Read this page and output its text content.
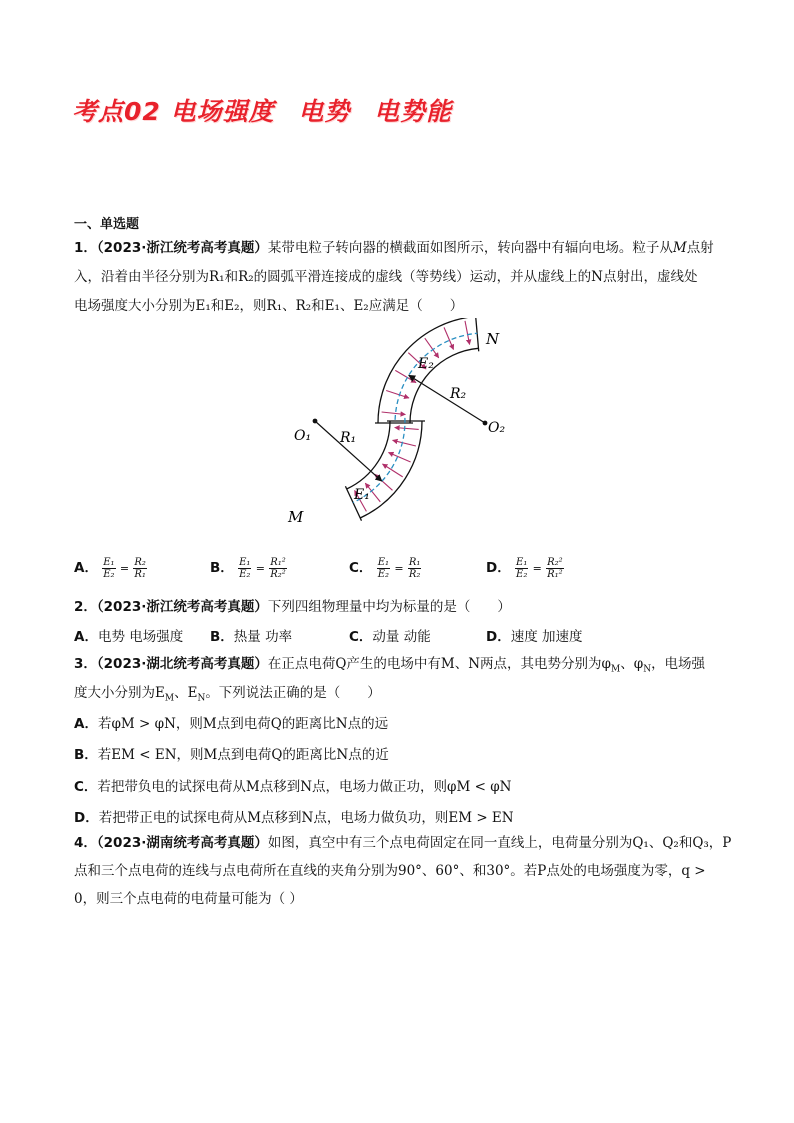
考点02 电场强度 电势 电势能
一、单选题
1．（2023·浙江统考高考真题）某带电粒子转向器的横截面如图所示，转向器中有辐向电场。粒子从M点射
入，沿着由半径分别为R₁和R₂的圆弧平滑连接成的虚线（等势线）运动，并从虚线上的N点射出，虚线处
电场强度大小分别为E₁和E₂，则R₁、R₂和E₁、E₂应满足（　　）
N
E₂
R₂
O₂
O₁ R₁
E₁
M
A． $\frac{\text{E₁}}{\text{E₂}} = \frac{\text{R₂}}{\text{R₁}}$	B． $\frac{\text{E₁}}{\text{E₂}} = \frac{\text{R₁²}}{\text{R₂²}}$	C． $\frac{\text{E₁}}{\text{E₂}} = \frac{\text{R₁}}{\text{R₂}}$	D． $\frac{\text{E₁}}{\text{E₂}} = \frac{\text{R₂²}}{\text{R₁²}}$
2．（2023·浙江统考高考真题）下列四组物理量中均为标量的是（　　）
A．电势 电场强度 B．热量 功率	C．动量 动能	D．速度 加速度
3．（2023·湖北统考高考真题）在正点电荷Q产生的电场中有M、N两点，其电势分别为$\varphi_M$、$\varphi_N$，电场强
度大小分别为$E_M$、$E_N$。下列说法正确的是（　　）
A．若φM > φN，则M点到电荷Q的距离比N点的远
B．若EM < EN，则M点到电荷Q的距离比N点的近
C．若把带负电的试探电荷从M点移到N点，电场力做正功，则φM < φN
D．若把带正电的试探电荷从M点移到N点，电场力做负功，则EM > EN
4．（2023·湖南统考高考真题）如图，真空中有三个点电荷固定在同一直线上，电荷量分别为Q₁、Q₂和Q₃，P
点和三个点电荷的连线与点电荷所在直线的夹角分别为90°、60°、和30°。若P点处的电场强度为零，q >
0，则三个点电荷的电荷量可能为（ ）
